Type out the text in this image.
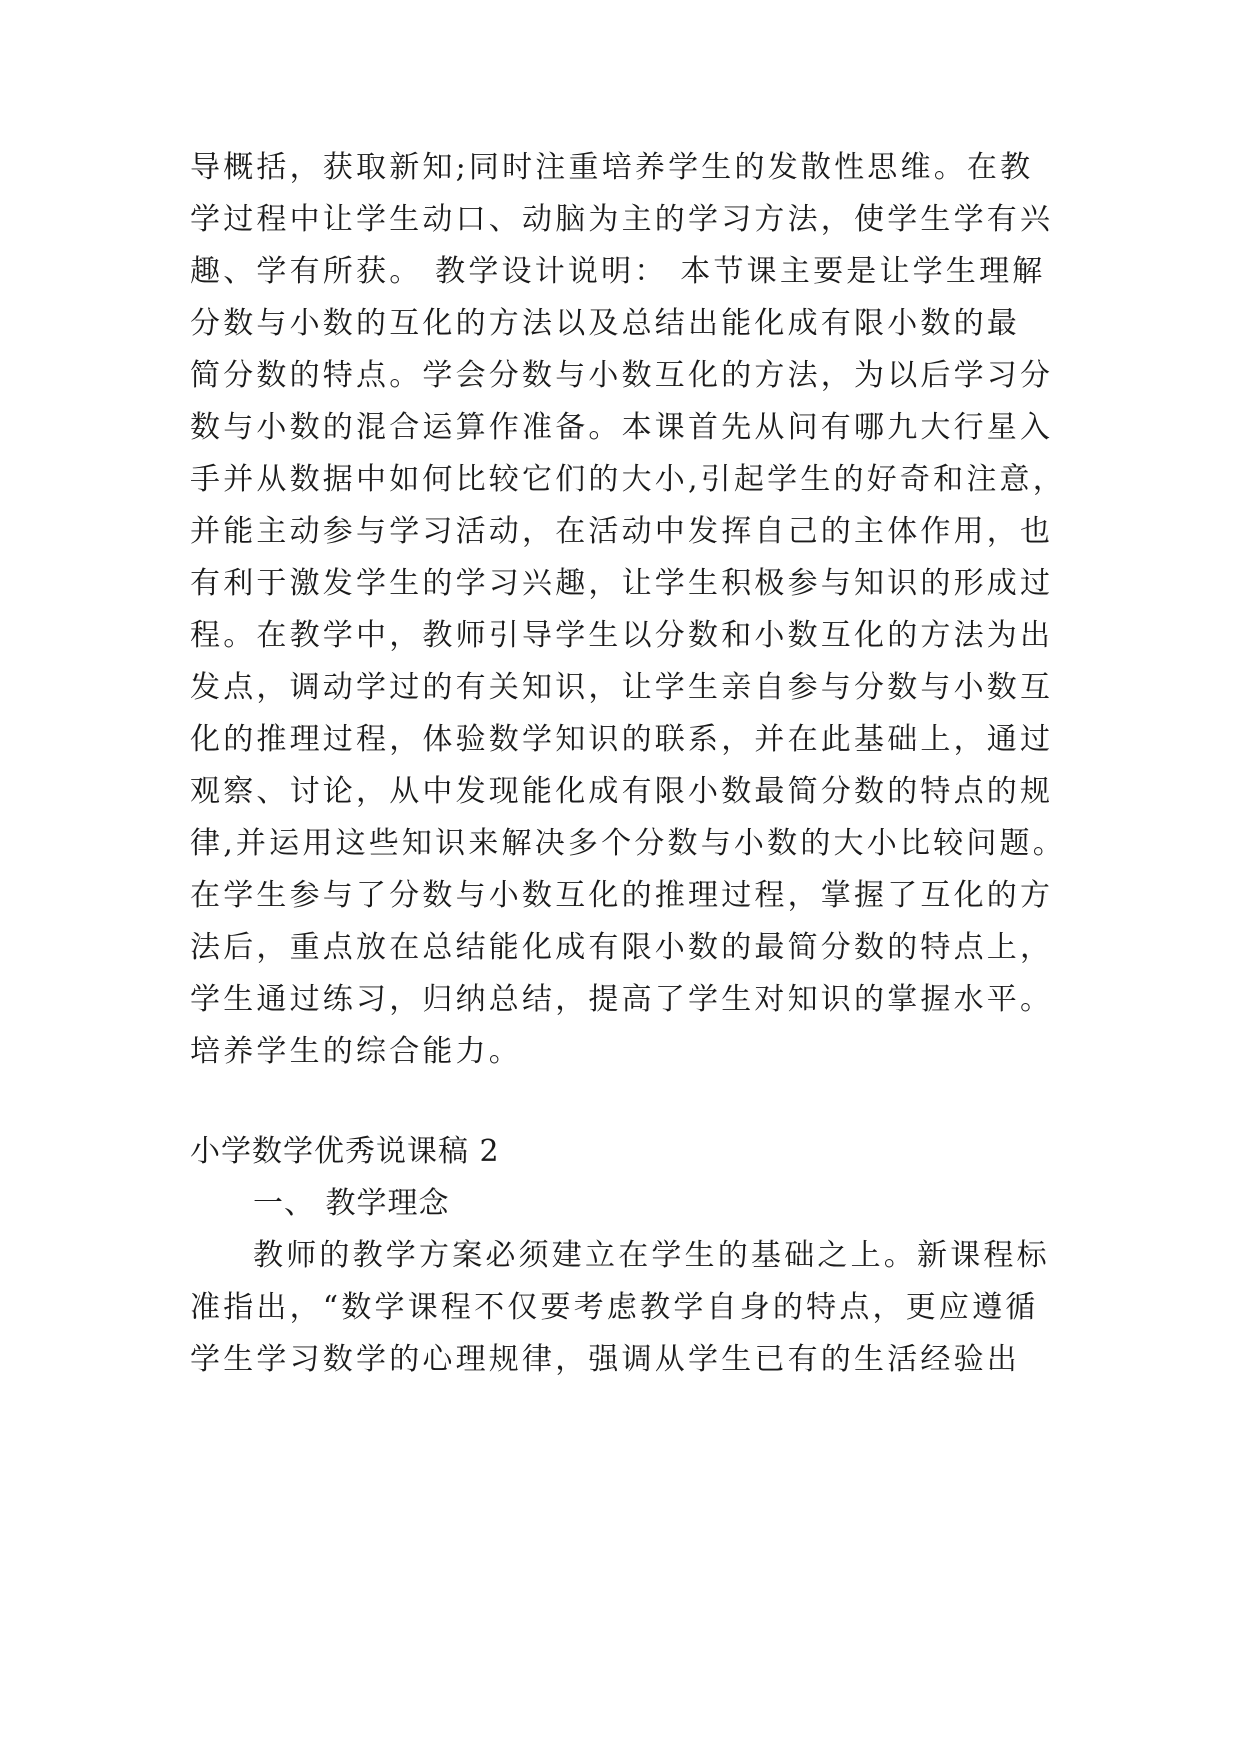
导概括，获取新知;同时注重培养学生的发散性思维。在教
学过程中让学生动口、动脑为主的学习方法，使学生学有兴
趣、学有所获。 教学设计说明： 本节课主要是让学生理解
分数与小数的互化的方法以及总结出能化成有限小数的最
简分数的特点。学会分数与小数互化的方法，为以后学习分
数与小数的混合运算作准备。本课首先从问有哪九大行星入
手并从数据中如何比较它们的大小,引起学生的好奇和注意，
并能主动参与学习活动，在活动中发挥自己的主体作用，也
有利于激发学生的学习兴趣，让学生积极参与知识的形成过
程。在教学中，教师引导学生以分数和小数互化的方法为出
发点，调动学过的有关知识，让学生亲自参与分数与小数互
化的推理过程，体验数学知识的联系，并在此基础上，通过
观察、讨论，从中发现能化成有限小数最简分数的特点的规
律,并运用这些知识来解决多个分数与小数的大小比较问题。
在学生参与了分数与小数互化的推理过程，掌握了互化的方
法后，重点放在总结能化成有限小数的最简分数的特点上，
学生通过练习，归纳总结，提高了学生对知识的掌握水平。
培养学生的综合能力。
小学数学优秀说课稿 2
一、 教学理念
教师的教学方案必须建立在学生的基础之上。新课程标
准指出，“数学课程不仅要考虑教学自身的特点，更应遵循
学生学习数学的心理规律，强调从学生已有的生活经验出
